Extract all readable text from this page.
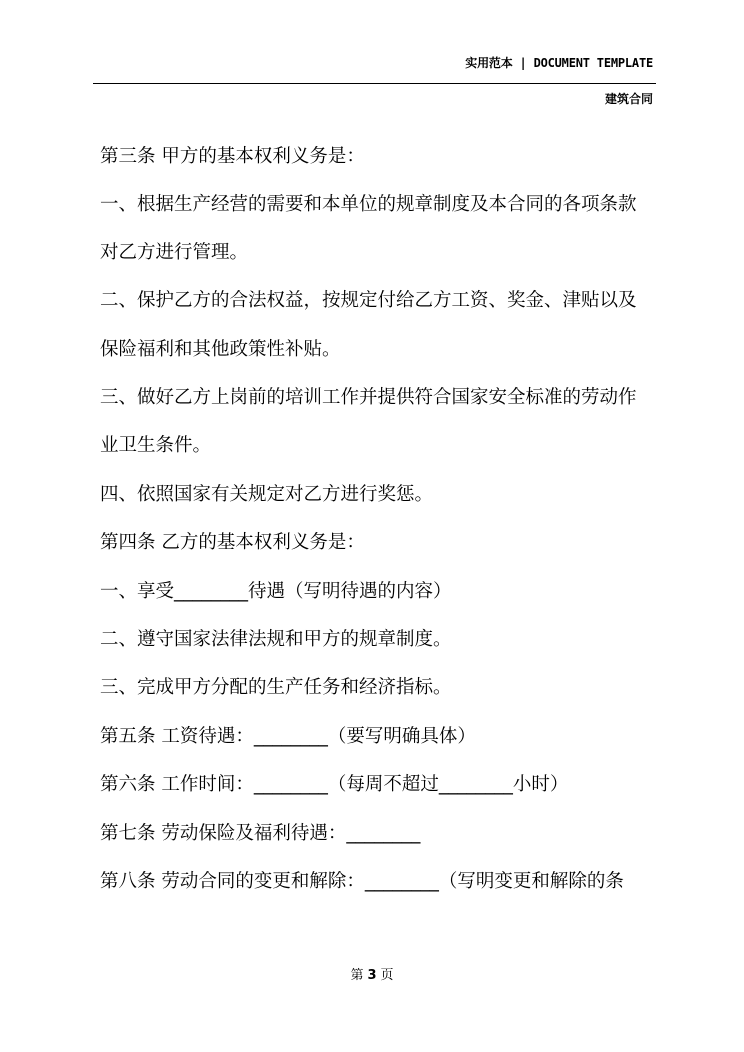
实用范本 | DOCUMENT TEMPLATE
建筑合同
第三条 甲方的基本权利义务是：
一、根据生产经营的需要和本单位的规章制度及本合同的各项条款
对乙方进行管理。
二、保护乙方的合法权益，按规定付给乙方工资、奖金、津贴以及
保险福利和其他政策性补贴。
三、做好乙方上岗前的培训工作并提供符合国家安全标准的劳动作
业卫生条件。
四、依照国家有关规定对乙方进行奖惩。
第四条 乙方的基本权利义务是：
一、享受________待遇（写明待遇的内容）
二、遵守国家法律法规和甲方的规章制度。
三、完成甲方分配的生产任务和经济指标。
第五条 工资待遇：________（要写明确具体）
第六条 工作时间：________（每周不超过________小时）
第七条 劳动保险及福利待遇：________
第八条 劳动合同的变更和解除：________（写明变更和解除的条
第 3 页
